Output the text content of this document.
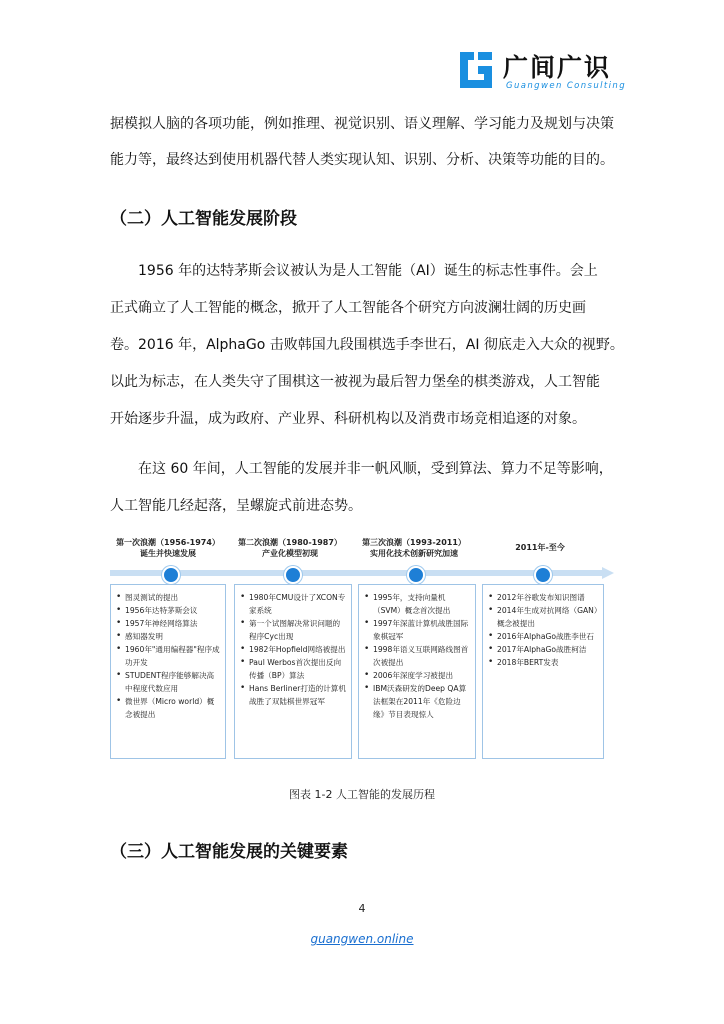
广间广识
Guangwen Consulting
据模拟人脑的各项功能，例如推理、视觉识别、语义理解、学习能力及规划与决策
能力等，最终达到使用机器代替人类实现认知、识别、分析、决策等功能的目的。
（二）人工智能发展阶段
1956 年的达特茅斯会议被认为是人工智能（AI）诞生的标志性事件。会上
正式确立了人工智能的概念，掀开了人工智能各个研究方向波澜壮阔的历史画
卷。2016 年，AlphaGo 击败韩国九段围棋选手李世石，AI 彻底走入大众的视野。
以此为标志，在人类失守了围棋这一被视为最后智力堡垒的棋类游戏，人工智能
开始逐步升温，成为政府、产业界、科研机构以及消费市场竞相追逐的对象。
在这 60 年间，人工智能的发展并非一帆风顺，受到算法、算力不足等影响，
人工智能几经起落，呈螺旋式前进态势。
第一次浪潮（1956-1974）
诞生并快速发展
第二次浪潮（1980-1987）
产业化模型初现
第三次浪潮（1993-2011）
实用化技术创新研究加速
2011年-至今
• 图灵测试的提出
• 1956年达特茅斯会议
• 1957年神经网络算法
• 感知器发明
• 1960年"通用编程器"程序成功开发
• STUDENT程序能够解决高中程度代数应用
• 微世界（Micro world）概念被提出
• 1980年CMU设计了XCON专家系统
• 第一个试图解决常识问题的程序Cyc出现
• 1982年Hopfield网络被提出
• Paul Werbos首次提出反向传播（BP）算法
• Hans Berliner打造的计算机战胜了双陆棋世界冠军
• 1995年，支持向量机（SVM）概念首次提出
• 1997年深蓝计算机战胜国际象棋冠军
• 1998年语义互联网路线图首次被提出
• 2006年深度学习被提出
• IBM沃森研发的Deep QA算法框架在2011年《危险边缘》节目表现惊人
• 2012年谷歌发布知识图谱
• 2014年生成对抗网络（GAN）概念被提出
• 2016年AlphaGo战胜李世石
• 2017年AlphaGo战胜柯洁
• 2018年BERT发表
图表 1-2 人工智能的发展历程
（三）人工智能发展的关键要素
4
guangwen.online
